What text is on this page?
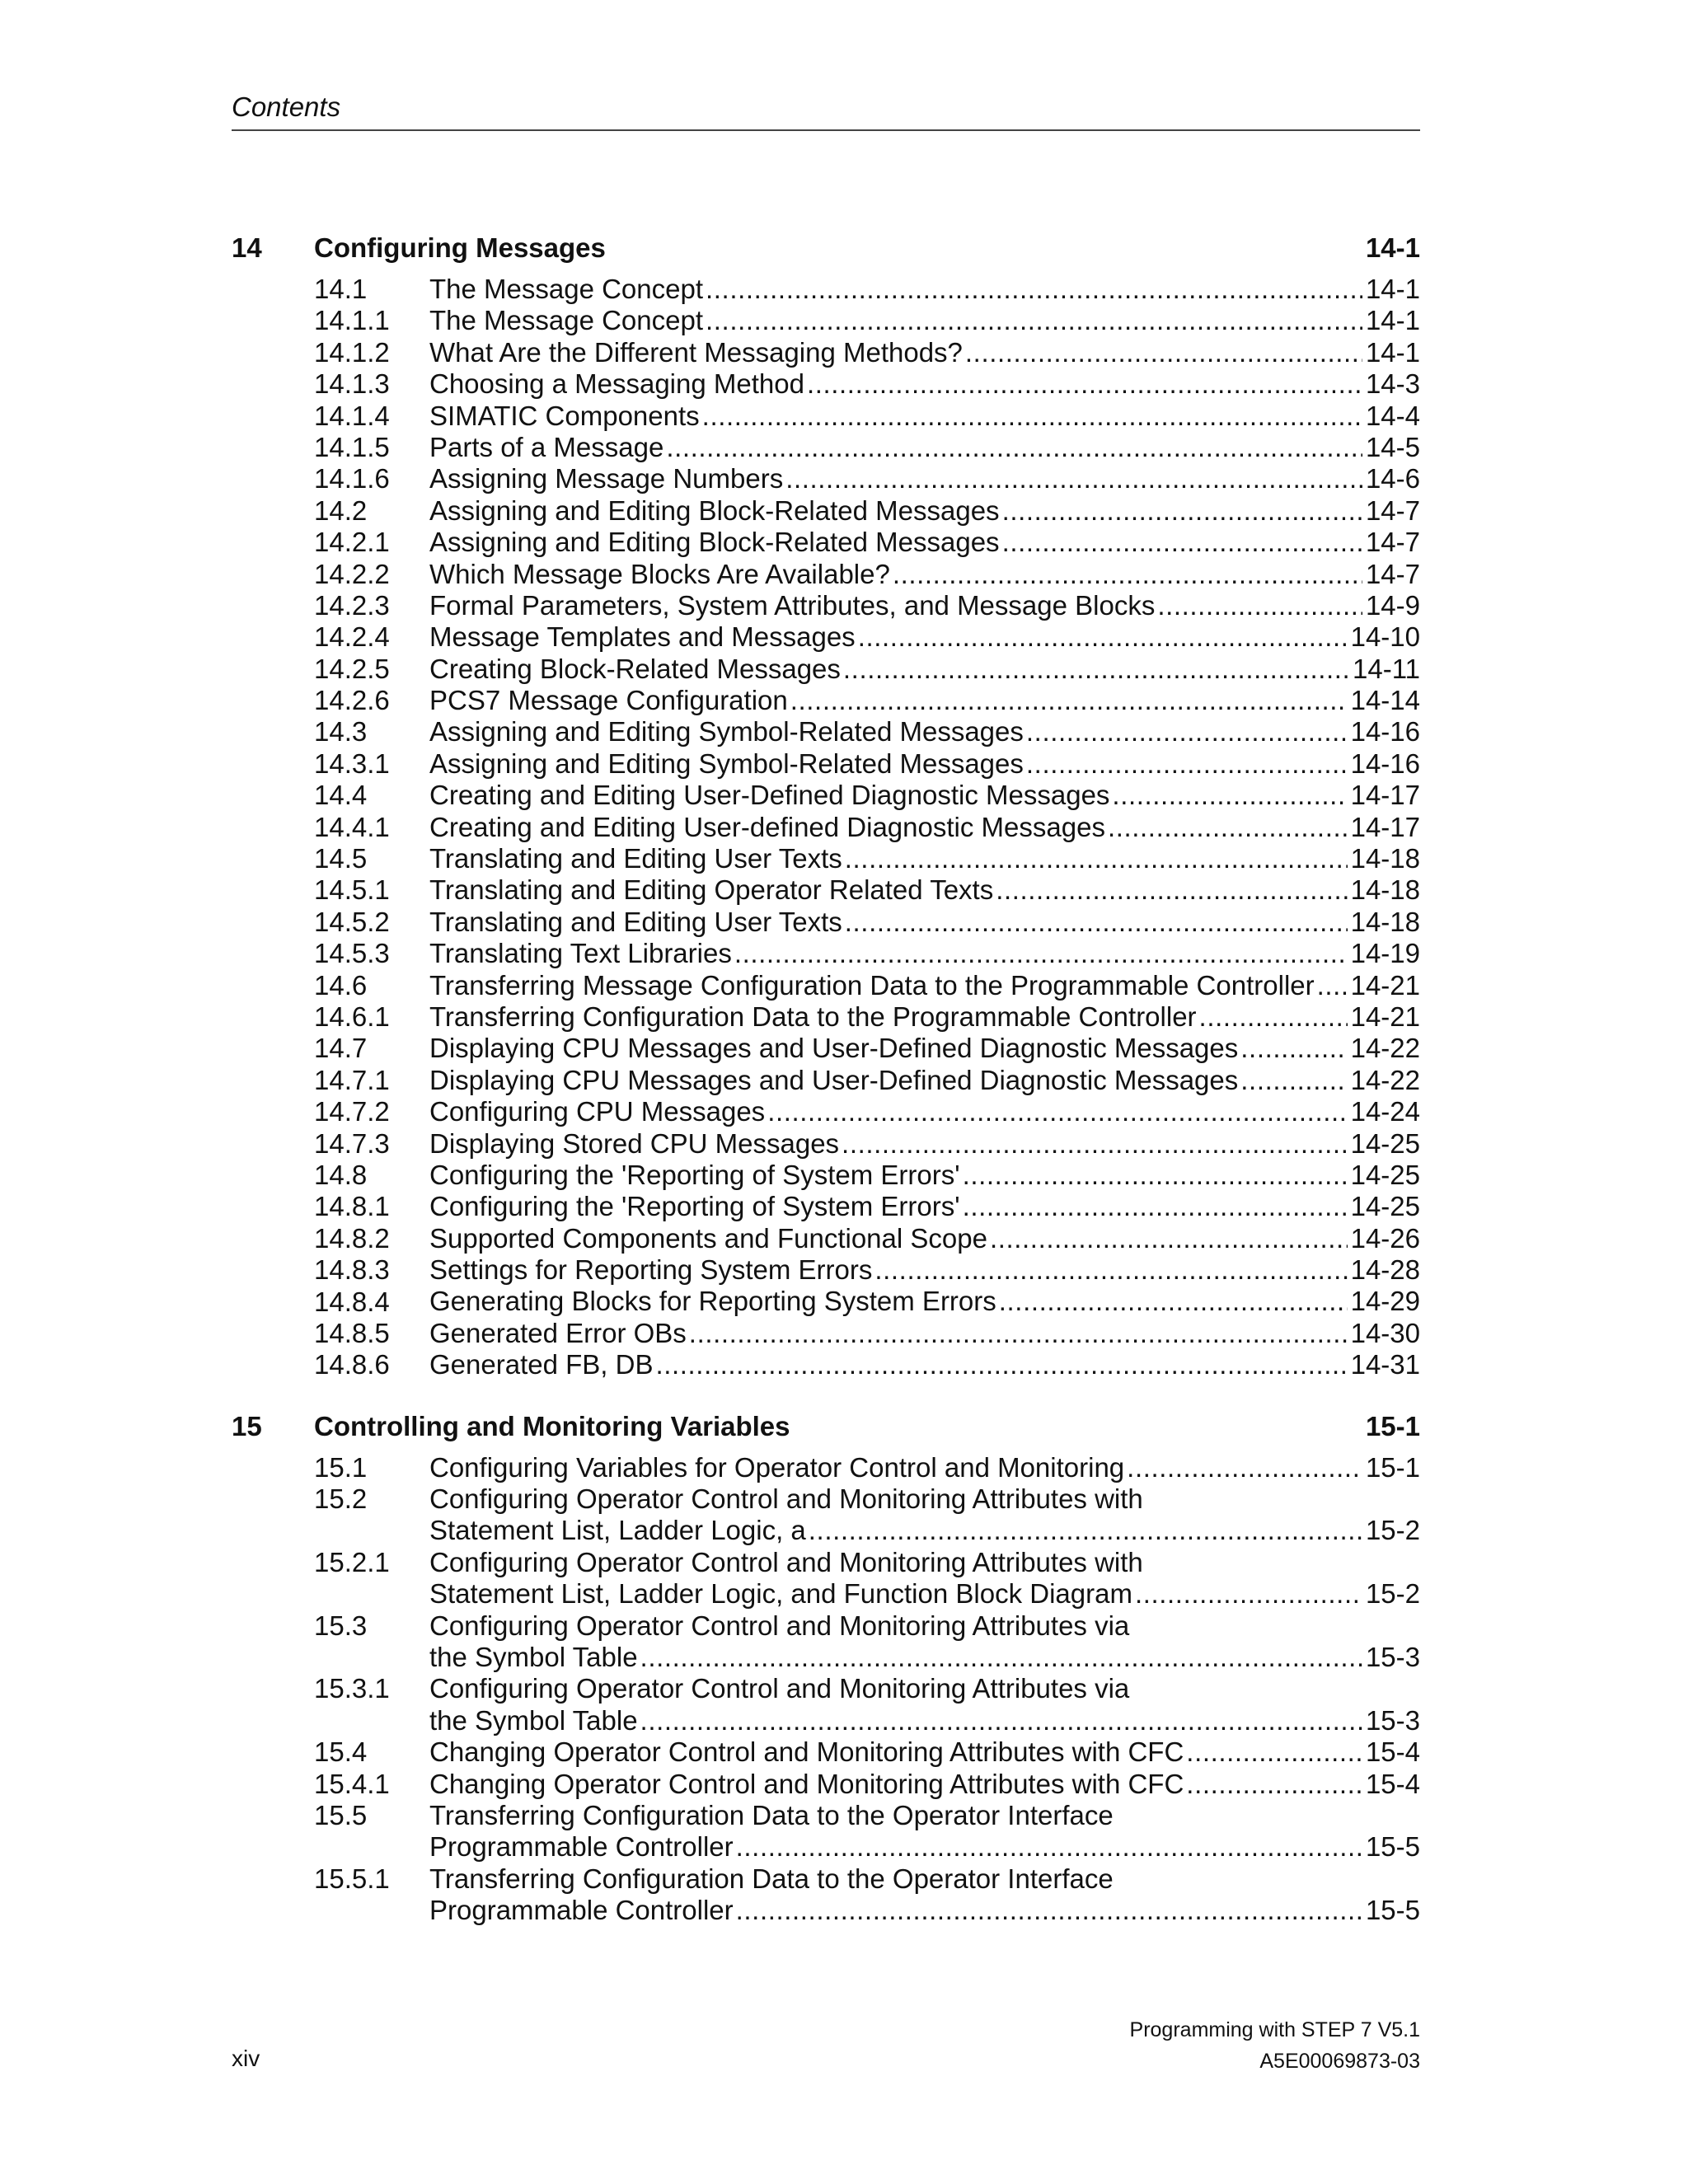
Contents
14 Configuring Messages	14-1
14.1 The Message Concept .....	14-1
14.1.1 The Message Concept .....	14-1
14.1.2 What Are the Different Messaging Methods? .....	14-1
14.1.3 Choosing a Messaging Method .....	14-3
14.1.4 SIMATIC Components .....	14-4
14.1.5 Parts of a Message .....	14-5
14.1.6 Assigning Message Numbers .....	14-6
14.2 Assigning and Editing Block-Related Messages .....	14-7
14.2.1 Assigning and Editing Block-Related Messages .....	14-7
14.2.2 Which Message Blocks Are Available? .....	14-7
14.2.3 Formal Parameters, System Attributes, and Message Blocks .....	14-9
14.2.4 Message Templates and Messages .....	14-10
14.2.5 Creating Block-Related Messages .....	14-11
14.2.6 PCS7 Message Configuration .....	14-14
14.3 Assigning and Editing Symbol-Related Messages .....	14-16
14.3.1 Assigning and Editing Symbol-Related Messages .....	14-16
14.4 Creating and Editing User-Defined Diagnostic Messages .....	14-17
14.4.1 Creating and Editing User-defined Diagnostic Messages .....	14-17
14.5 Translating and Editing User Texts .....	14-18
14.5.1 Translating and Editing Operator Related Texts .....	14-18
14.5.2 Translating and Editing User Texts .....	14-18
14.5.3 Translating Text Libraries .....	14-19
14.6 Transferring Message Configuration Data to the Programmable Controller ..... 14-21
14.6.1 Transferring Configuration Data to the Programmable Controller .....	14-21
14.7 Displaying CPU Messages and User-Defined Diagnostic Messages .....	14-22
14.7.1 Displaying CPU Messages and User-Defined Diagnostic Messages .....	14-22
14.7.2 Configuring CPU Messages .....	14-24
14.7.3 Displaying Stored CPU Messages .....	14-25
14.8 Configuring the 'Reporting of System Errors' .....	14-25
14.8.1 Configuring the 'Reporting of System Errors' .....	14-25
14.8.2 Supported Components and Functional Scope .....	14-26
14.8.3 Settings for Reporting System Errors .....	14-28
14.8.4 Generating Blocks for Reporting System Errors .....	14-29
14.8.5 Generated Error OBs .....	14-30
14.8.6 Generated FB, DB .....	14-31
15 Controlling and Monitoring Variables	15-1
15.1 Configuring Variables for Operator Control and Monitoring .....	15-1
15.2 Configuring Operator Control and Monitoring Attributes with
Statement List, Ladder Logic, a .....	15-2
15.2.1 Configuring Operator Control and Monitoring Attributes with
Statement List, Ladder Logic, and Function Block Diagram .....	15-2
15.3 Configuring Operator Control and Monitoring Attributes via
the Symbol Table .....	15-3
15.3.1 Configuring Operator Control and Monitoring Attributes via
the Symbol Table .....	15-3
15.4 Changing Operator Control and Monitoring Attributes with CFC .....	15-4
15.4.1 Changing Operator Control and Monitoring Attributes with CFC .....	15-4
15.5 Transferring Configuration Data to the Operator Interface
Programmable Controller .....	15-5
15.5.1 Transferring Configuration Data to the Operator Interface
Programmable Controller .....	15-5
Programming with STEP 7 V5.1
A5E00069873-03
xiv
